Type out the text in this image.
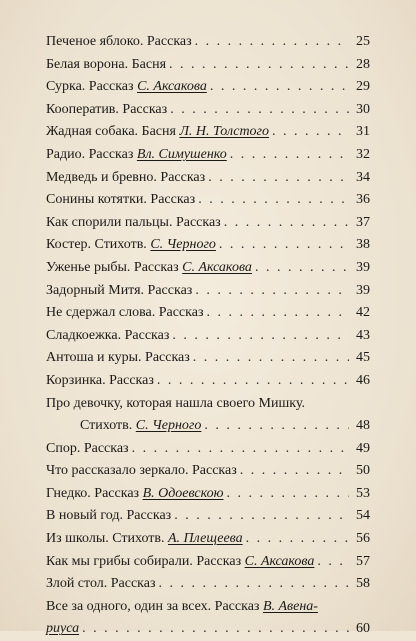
Печеное яблоко. Рассказ . . .	25
Белая ворона. Басня . . .	28
Сурка. Рассказ С. Аксакова . . .	29
Кооператив. Рассказ . . .	30
Жадная собака. Басня Л. Н. Толстого . . .	31
Радио. Рассказ Вл. Симушенко . . .	32
Медведь и бревно. Рассказ . . .	34
Сонины котятки. Рассказ . . .	36
Как спорили пальцы. Рассказ . . .	37
Костер. Стихотв. С. Черного . . .	38
Уженье рыбы. Рассказ С. Аксакова . . .	39
Задорный Митя. Рассказ . . .	39
Не сдержал слова. Рассказ . . .	42
Сладкоежка. Рассказ . . .	43
Антоша и куры. Рассказ . . .	45
Корзинка. Рассказ . . .	46
Про девочку, которая нашла своего Мишку.
Стихотв. С. Черного . . .	48
Спор. Рассказ . . .	49
Что рассказало зеркало. Рассказ . . .	50
Гнедко. Рассказ В. Одоевскою . . .	53
В новый год. Рассказ . . .	54
Из школы. Стихотв. А. Плещеева . . .	56
Как мы грибы собирали. Рассказ С. Аксакова . . .	57
Злой стол. Рассказ . . .	58
Все за одного, один за всех. Рассказ В. Авена-
риуса . . .	60
